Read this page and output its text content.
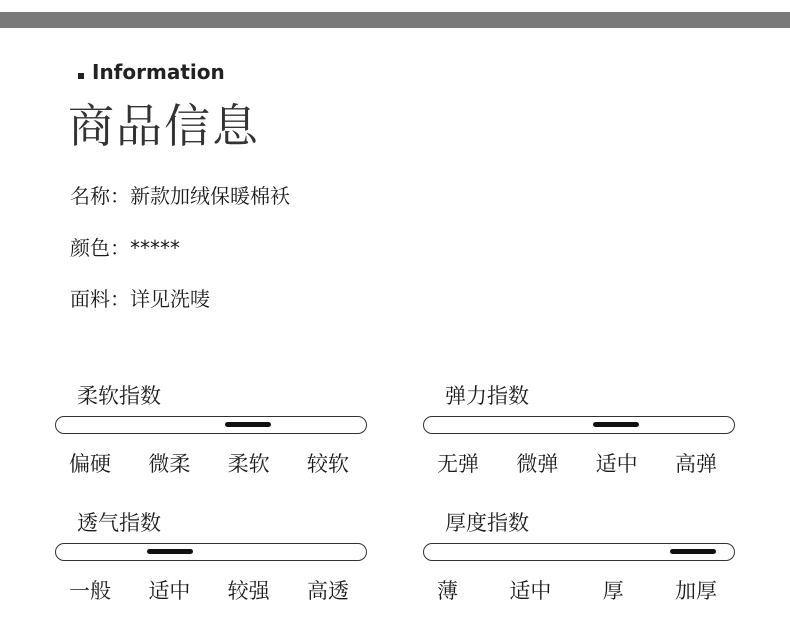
Information
商品信息
名称：新款加绒保暖棉袄
颜色：*****
面料：详见洗唛
柔软指数
偏硬 微柔 柔软 较软
弹力指数
无弹 微弹 适中 高弹
透气指数
一般 适中 较强 高透
厚度指数
薄 适中 厚 加厚
